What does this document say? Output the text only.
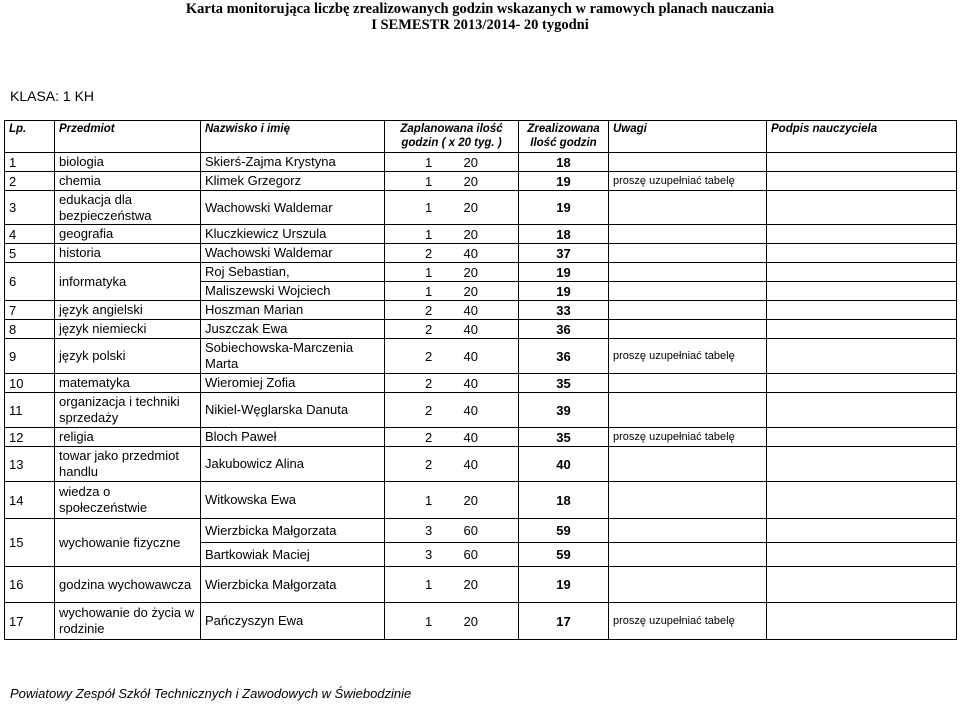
Karta monitorująca liczbę zrealizowanych godzin wskazanych w ramowych planach nauczania
I SEMESTR 2013/2014- 20 tygodni
KLASA: 1 KH
Lp.	Przedmiot	Nazwisko i imię	Zaplanowana ilość godzin ( x 20 tyg. )	Zrealizowana Ilość godzin	Uwagi	Podpis nauczyciela
1	biologia	Skierś-Zajma Krystyna	1 20	18		
2	chemia	Klimek Grzegorz	1 20	19	proszę uzupełniać tabelę	
3	edukacja dla bezpieczeństwa	Wachowski Waldemar	1 20	19		
4	geografia	Kluczkiewicz Urszula	1 20	18		
5	historia	Wachowski Waldemar	2 40	37		
6	informatyka	Roj Sebastian,	1 20	19		
		Maliszewski Wojciech	1 20	19		
7	język angielski	Hoszman Marian	2 40	33		
8	język niemiecki	Juszczak Ewa	2 40	36		
9	język polski	Sobiechowska-Marczenia Marta	2 40	36	proszę uzupełniać tabelę	
10	matematyka	Wieromiej Zofia	2 40	35		
11	organizacja i techniki sprzedaży	Nikiel-Węglarska Danuta	2 40	39		
12	religia	Bloch Paweł	2 40	35	proszę uzupełniać tabelę	
13	towar jako przedmiot handlu	Jakubowicz Alina	2 40	40		
14	wiedza o społeczeństwie	Witkowska Ewa	1 20	18		
15	wychowanie fizyczne	Wierzbicka Małgorzata	3 60	59		
		Bartkowiak Maciej	3 60	59		
16	godzina wychowawcza	Wierzbicka Małgorzata	1 20	19		
17	wychowanie do życia w rodzinie	Pańczyszyn Ewa	1 20	17	proszę uzupełniać tabelę	
Powiatowy Zespół Szkół Technicznych i Zawodowych w Świebodzinie
